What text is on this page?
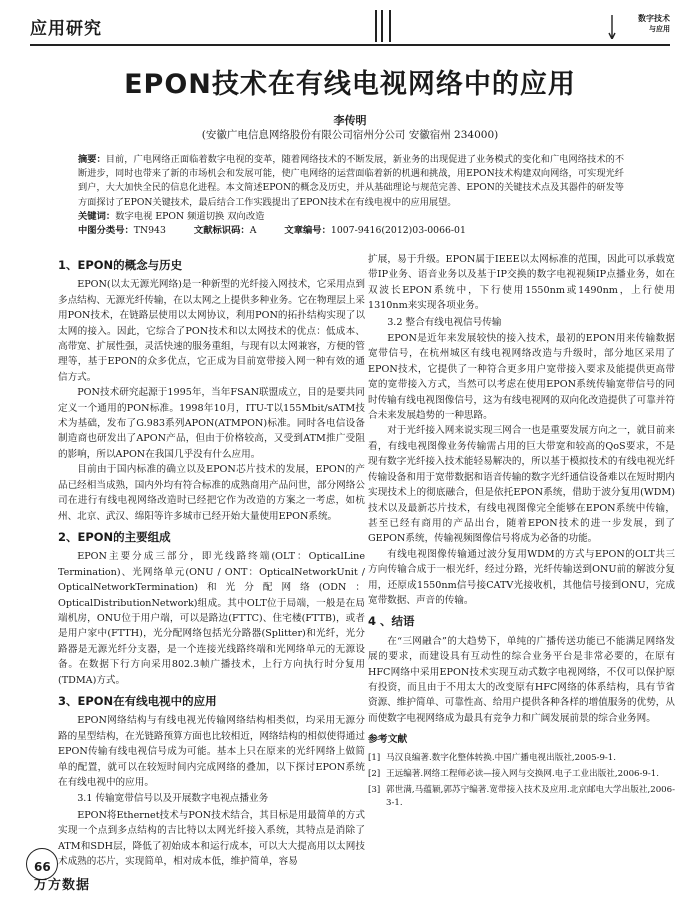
应用研究
数字技术
与应用
EPON技术在有线电视网络中的应用
李传明
(安徽广电信息网络股份有限公司宿州分公司 安徽宿州 234000)
摘要：目前，广电网络正面临着数字电视的变革，随着网络技术的不断发展，新业务的出现促进了业务模式的变化和广电网络技术的不断进步，同时也带来了新的市场机会和发展可能，使广电网络的运营面临着新的机遇和挑战，用EPON技术构建双向网络，可实现光纤到户，大大加快全民的信息化进程。本文简述EPON的概念及历史，并从基础理论与规范完善、EPON的关键技术点及其器件的研发等方面探讨了EPON关键技术，最后结合工作实践提出了EPON技术在有线电视中的应用展望。
关键词：数字电视 EPON 频道切换 双向改造
中图分类号：TN943	文献标识码：A	文章编号：1007-9416(2012)03-0066-01
1、EPON的概念与历史

EPON(以太无源光网络)是一种新型的光纤接入网技术，它采用点到多点结构、无源光纤传输，在以太网之上提供多种业务。它在物理层上采用PON技术，在链路层使用以太网协议，利用PON的拓扑结构实现了以太网的接入。因此，它综合了PON技术和以太网技术的优点：低成本、高带宽、扩展性强，灵活快速的服务重组，与现有以太网兼容，方便的管理等，基于EPON的众多优点，它正成为目前宽带接入网一种有效的通信方式。

PON技术研究起源于1995年，当年FSAN联盟成立，目的是要共同定义一个通用的PON标准。1998年10月，ITU-T以155Mbit/sATM技术为基础，发布了G.983系列APON(ATMPON)标准。同时各电信设备制造商也研发出了APON产品，但由于价格较高，又受到ATM推广受阻的影响，所以APON在我国几乎没有什么应用。

目前由于国内标准的确立以及EPON芯片技术的发展，EPON的产品已经相当成熟，国内外均有符合标准的成熟商用产品问世，部分网络公司在进行有线电视网络改造时已经把它作为改造的方案之一考虑，如杭州、北京、武汉、绵阳等许多城市已经开始大量使用EPON系统。

2、EPON的主要组成

EPON主要分成三部分，即光线路终端(OLT：OpticalLine Termination)、光网络单元(ONU / ONT：OpticalNetworkUnit / OpticalNetworkTermination)和光分配网络(ODN：OpticalDistributionNetwork)组成。其中OLT位于局端，一般是在局端机房，ONU位于用户端，可以是路边(FTTC)、住宅楼(FTTB)，或者是用户家中(FTTH)，光分配网络包括光分路器(Splitter)和光纤，光分路器是无源光纤分支器，是一个连接光线路终端和光网络单元的无源设备。在数据下行方向采用802.3帧广播技术，上行方向执行时分复用(TDMA)方式。

3、EPON在有线电视中的应用

EPON网络结构与有线电视光传输网络结构相类似，均采用无源分路的星型结构，在光链路预算方面也比较相近，网络结构的相似使得通过EPON传输有线电视信号成为可能。基本上只在原来的光纤网络上做简单的配置，就可以在较短时间内完成网络的叠加，以下探讨EPON系统在有线电视中的应用。

3.1 传输宽带信号以及开展数字电视点播业务

EPON将Ethernet技术与PON技术结合，其目标是用最简单的方式实现一个点到多点结构的吉比特以太网光纤接入系统，其特点是消除了ATM和SDH层，降低了初始成本和运行成本，可以大大提高用以太网技术成熟的芯片，实现简单，相对成本低，维护简单，容易

扩展，易于升级。EPON属于IEEE以太网标准的范围，因此可以承载宽带IP业务、语音业务以及基于IP交换的数字电视视频IP点播业务，如在双波长EPON系统中，下行使用1550nm或1490nm，上行使用1310nm来实现各项业务。

3.2 整合有线电视信号传输

EPON是近年来发展较快的接入技术，最初的EPON用来传输数据宽带信号，在杭州城区有线电视网络改造与升级时，部分地区采用了EPON技术，它提供了一种符合更多用户宽带接入要求及能提供更高带宽的宽带接入方式，当然可以考虑在使用EPON系统传输宽带信号的同时传输有线电视图像信号，这为有线电视网的双向化改造提供了可靠并符合未来发展趋势的一种思路。

对于光纤接入网来说实现三网合一也是重要发展方向之一，就目前来看，有线电视图像业务传输需占用的巨大带宽和较高的QoS要求，不是现有数字光纤接入技术能轻易解决的，所以基于模拟技术的有线电视光纤传输设备和用于宽带数据和语音传输的数字光纤通信设备难以在短时期内实现技术上的彻底融合，但是依托EPON系统，借助于波分复用(WDM)技术以及最新芯片技术，有线电视图像完全能够在EPON系统中传输，甚至已经有商用的产品出台，随着EPON技术的进一步发展，到了GEPON系统，传输视频图像信号将成为必备的功能。

有线电视图像传输通过波分复用WDM的方式与EPON的OLT共三方向传输合成于一根光纤，经过分路，光纤传输送到ONU前的解波分复用，还原成1550nm信号接CATV光接收机，其他信号接到ONU，完成宽带数据、声音的传输。

4 、结语

在“三网融合”的大趋势下，单纯的广播传送功能已不能满足网络发展的要求，而建设具有互动性的综合业务平台是非常必要的，在原有HFC网络中采用EPON技术实现互动式数字电视网络，不仅可以保护原有投资，而且由于不用太大的改变原有HFC网络的体系结构，具有节省资源、维护简单、可靠性高、给用户提供各种各样的增值服务的优势，从而使数字电视网络成为最具有竞争力和广阔发展前景的综合业务网。

参考文献

[1] 马汉良编著.数字化整体转换.中国广播电视出版社,2005-9-1.

[2] 王远编著.网络工程师必读—接入网与交换网.电子工业出版社,2006-9-1.

[3] 郭世满,马蕴颖,郭苏宁编著.宽带接入技术及应用.北京邮电大学出版社,2006-3-1.

66
万方数据
